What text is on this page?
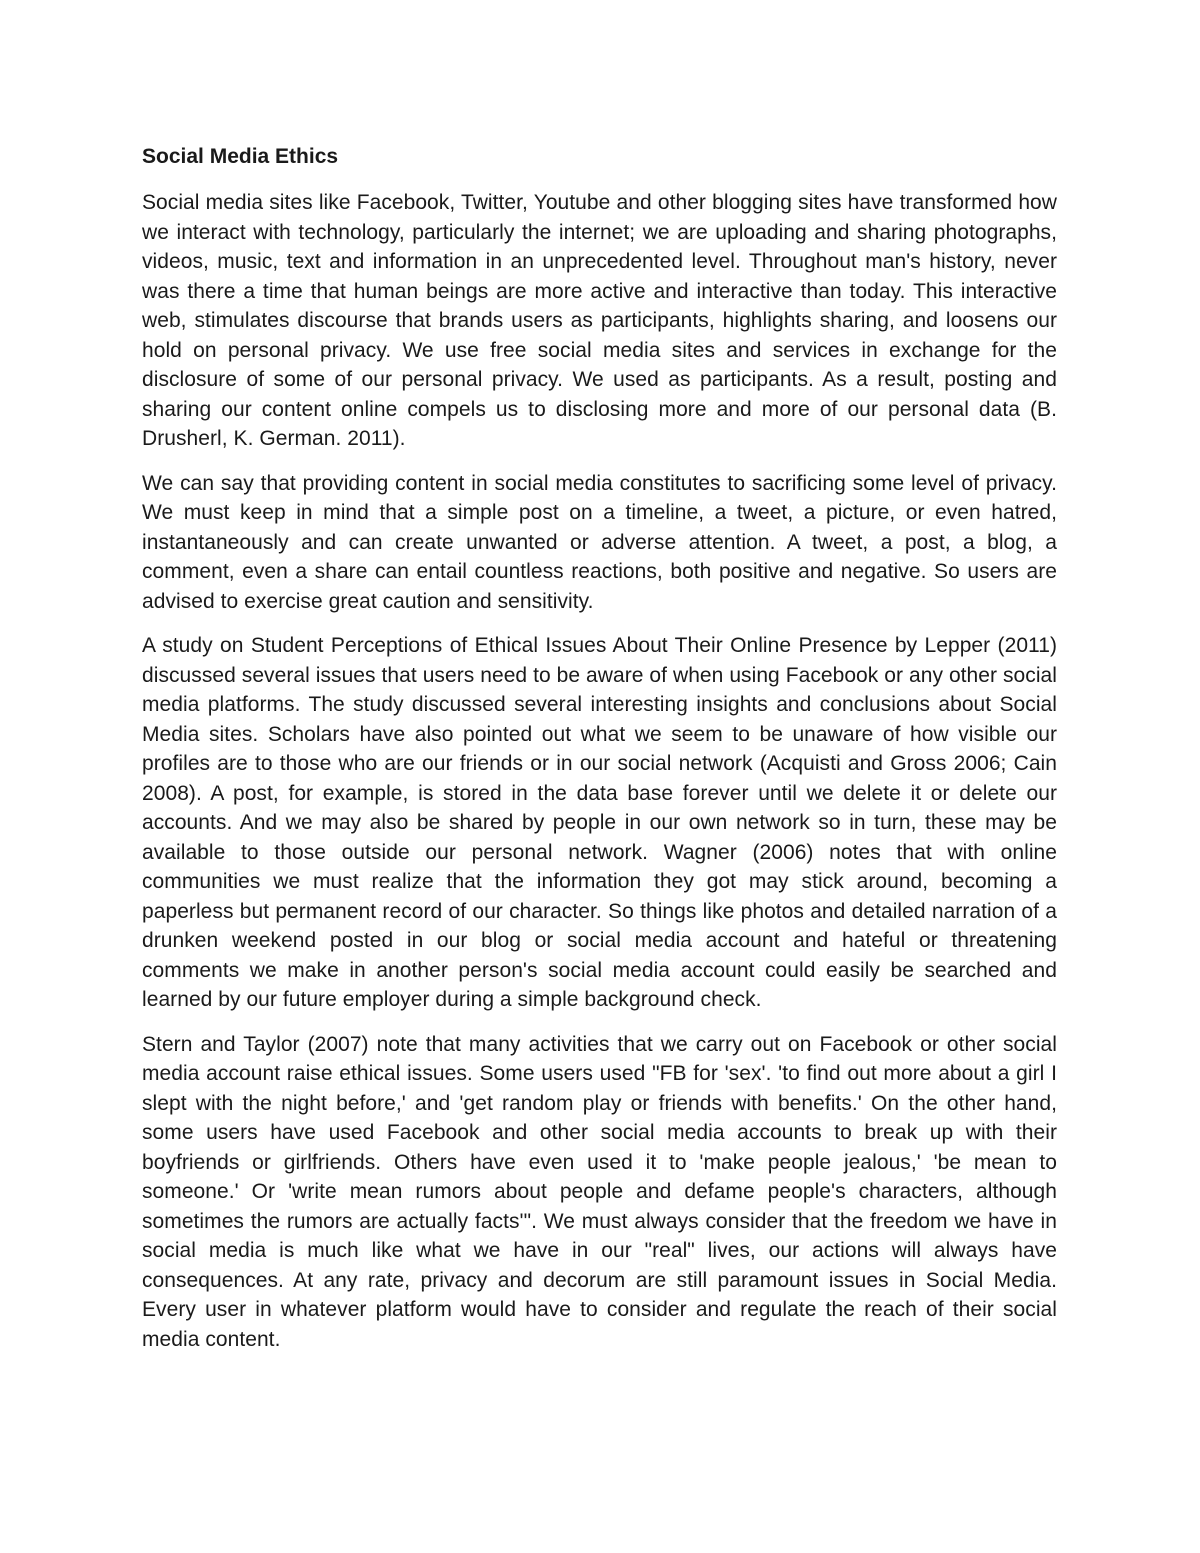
Social Media Ethics

Social media sites like Facebook, Twitter, Youtube and other blogging sites have transformed how we interact with technology, particularly the internet; we are uploading and sharing photographs, videos, music, text and information in an unprecedented level. Throughout man's history, never was there a time that human beings are more active and interactive than today. This interactive web, stimulates discourse that brands users as participants, highlights sharing, and loosens our hold on personal privacy. We use free social media sites and services in exchange for the disclosure of some of our personal privacy. We used as participants. As a result, posting and sharing our content online compels us to disclosing more and more of our personal data (B. Drusherl, K. German. 2011).

We can say that providing content in social media constitutes to sacrificing some level of privacy. We must keep in mind that a simple post on a timeline, a tweet, a picture, or even hatred, instantaneously and can create unwanted or adverse attention. A tweet, a post, a blog, a comment, even a share can entail countless reactions, both positive and negative. So users are advised to exercise great caution and sensitivity.

A study on Student Perceptions of Ethical Issues About Their Online Presence by Lepper (2011) discussed several issues that users need to be aware of when using Facebook or any other social media platforms. The study discussed several interesting insights and conclusions about Social Media sites. Scholars have also pointed out what we seem to be unaware of how visible our profiles are to those who are our friends or in our social network (Acquisti and Gross 2006; Cain 2008). A post, for example, is stored in the data base forever until we delete it or delete our accounts. And we may also be shared by people in our own network so in turn, these may be available to those outside our personal network. Wagner (2006) notes that with online communities we must realize that the information they got may stick around, becoming a paperless but permanent record of our character. So things like photos and detailed narration of a drunken weekend posted in our blog or social media account and hateful or threatening comments we make in another person's social media account could easily be searched and learned by our future employer during a simple background check.

Stern and Taylor (2007) note that many activities that we carry out on Facebook or other social media account raise ethical issues. Some users used "FB for 'sex'. 'to find out more about a girl I slept with the night before,' and 'get random play or friends with benefits.' On the other hand, some users have used Facebook and other social media accounts to break up with their boyfriends or girlfriends. Others have even used it to 'make people jealous,' 'be mean to someone.' Or 'write mean rumors about people and defame people's characters, although sometimes the rumors are actually facts'". We must always consider that the freedom we have in social media is much like what we have in our "real" lives, our actions will always have consequences. At any rate, privacy and decorum are still paramount issues in Social Media. Every user in whatever platform would have to consider and regulate the reach of their social media content.
